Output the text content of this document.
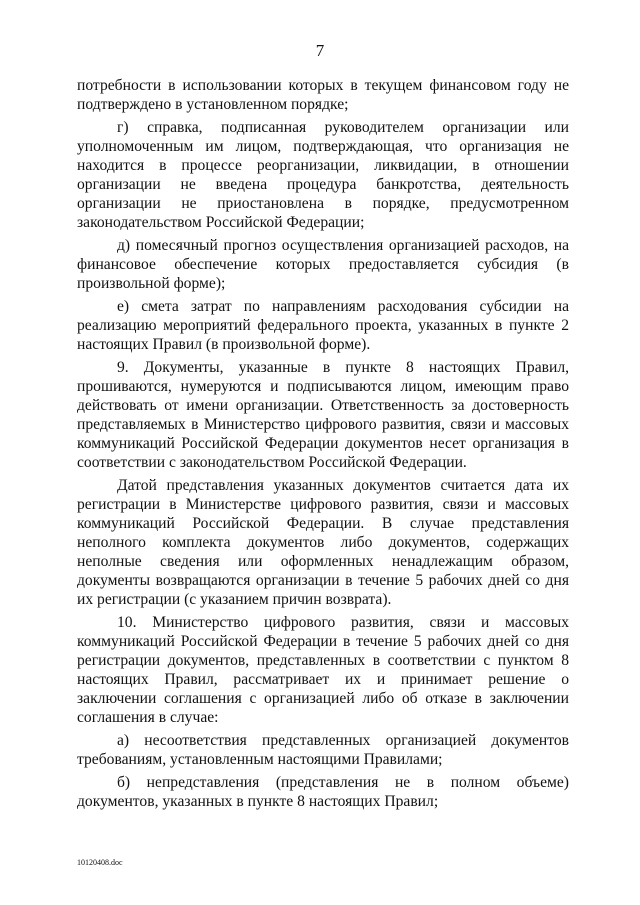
7

потребности в использовании которых в текущем финансовом году не подтверждено в установленном порядке;

г) справка, подписанная руководителем организации или уполномоченным им лицом, подтверждающая, что организация не находится в процессе реорганизации, ликвидации, в отношении организации не введена процедура банкротства, деятельность организации не приостановлена в порядке, предусмотренном законодательством Российской Федерации;

д) помесячный прогноз осуществления организацией расходов, на финансовое обеспечение которых предоставляется субсидия (в произвольной форме);

е) смета затрат по направлениям расходования субсидии на реализацию мероприятий федерального проекта, указанных в пункте 2 настоящих Правил (в произвольной форме).

9. Документы, указанные в пункте 8 настоящих Правил, прошиваются, нумеруются и подписываются лицом, имеющим право действовать от имени организации. Ответственность за достоверность представляемых в Министерство цифрового развития, связи и массовых коммуникаций Российской Федерации документов несет организация в соответствии с законодательством Российской Федерации.

Датой представления указанных документов считается дата их регистрации в Министерстве цифрового развития, связи и массовых коммуникаций Российской Федерации. В случае представления неполного комплекта документов либо документов, содержащих неполные сведения или оформленных ненадлежащим образом, документы возвращаются организации в течение 5 рабочих дней со дня их регистрации (с указанием причин возврата).

10. Министерство цифрового развития, связи и массовых коммуникаций Российской Федерации в течение 5 рабочих дней со дня регистрации документов, представленных в соответствии с пунктом 8 настоящих Правил, рассматривает их и принимает решение о заключении соглашения с организацией либо об отказе в заключении соглашения в случае:

а) несоответствия представленных организацией документов требованиям, установленным настоящими Правилами;

б) непредставления (представления не в полном объеме) документов, указанных в пункте 8 настоящих Правил;

10120408.doc
